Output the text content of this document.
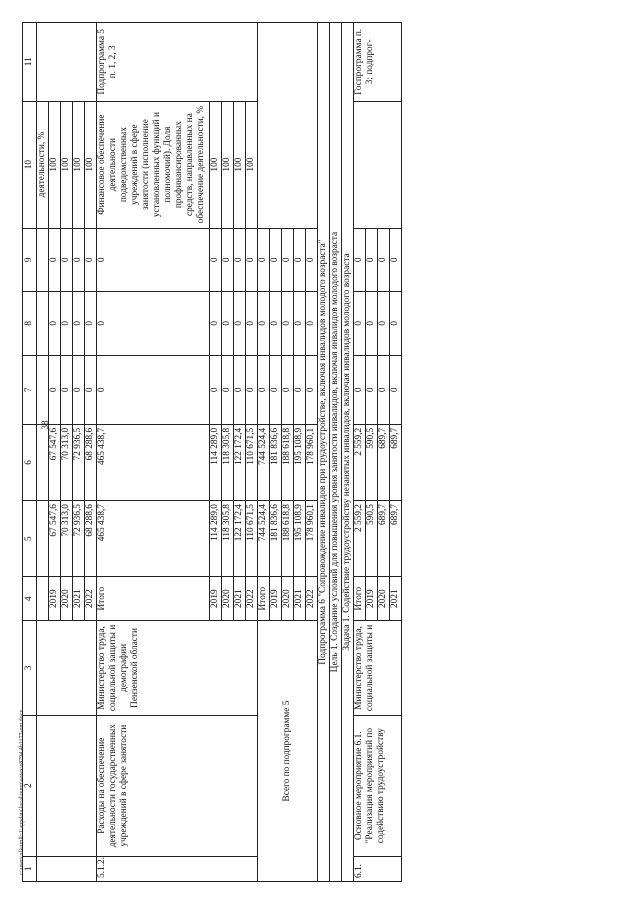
38
c:\users\zlkoroll~1\appdata\local\temp\aotex\e8794 4b1177-om.docx 1	2	3	4	5	6	7	8	9	10	11
									деятельности, %	
			2019	67 547,6	67 547,6	0	0	0	100	
			2020	70 313,0	70 313,0	0	0	0	100	
			2021	72 936,5	72 936,5	0	0	0	100	
			2022	68 288,6	68 288,6	0	0	0	100	
5.1.2.	Расходы на обеспечение деятельности государственных учреждений в сфере занятости	Министерство труда, социальной защиты и демографии Пензенской области	Итого	465 438,7	465 438,7	0	0	0	Финансовое обеспечение деятельности подведомственных учреждений в сфере занятости (исполнение установленных функций и полномочий). Доля профинансированных средств, направленных на обеспечение деятельности, %	Подпрограмма 5 п. 1, 2, 3
			2019	114 289,0	114 289,0	0	0	0	100	
			2020	118 305,8	118 305,8	0	0	0	100	
			2021	122 172,4	122 172,4	0	0	0	100	
			2022	110 671,5	110 671,5	0	0	0	100	
Всего по подпрограмме 5			Итого	744 524,4	744 524,4	0	0	0		
			2019	181 836,6	181 836,6	0	0	0		
			2020	188 618,8	188 618,8	0	0	0		
			2021	195 108,9	195 108,9	0	0	0		
			2022	178 960,1	178 960,1	0	0	0		
Подпрограмма 6 "Сопровождение инвалидов при трудоустройстве, включая инвалидов молодого возраста"										
Цель 1. Создание условий для повышения уровня занятости инвалидов, включая инвалидов молодого возраста										
Задача 1. Содействие трудоустройству незанятых инвалидов, включая инвалидов молодого возраста										
6.1.	Основное мероприятие 6.1. "Реализация мероприятий по содействию трудоустройству	Министерство труда, социальной защиты и	Итого	2 559,2	2 559,2	0	0	0		Госпрограмма п. 3; подпрог-
			2019	590,5	590,5	0	0	0		
			2020	689,7	689,7	0	0	0		
			2021	689,7	689,7	0	0	0		
